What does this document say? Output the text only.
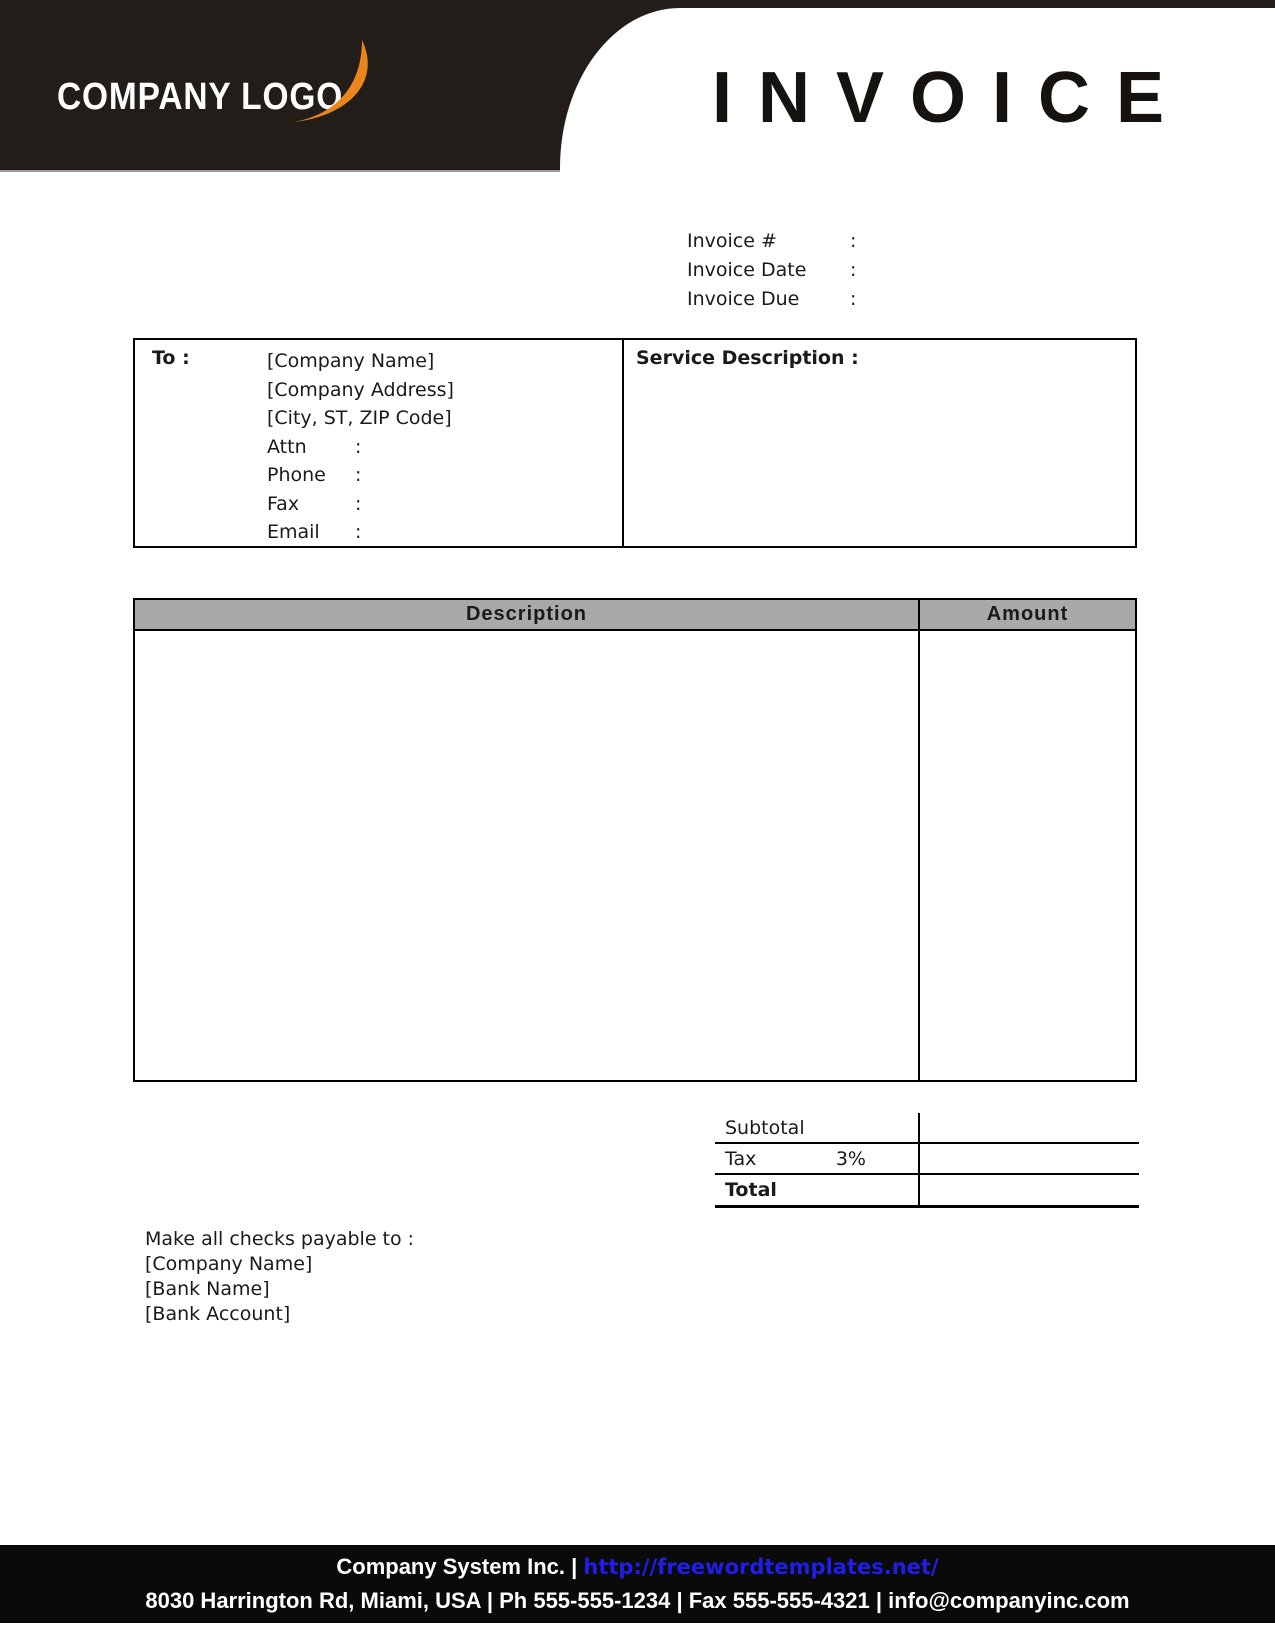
COMPANY LOGO	INVOICE
Invoice #	:
Invoice Date :
Invoice Due	:
To :	[Company Name]
[Company Address]
[City, ST, ZIP Code]
Attn	:
Phone :
Fax	:
Email :
Service Description :
Description	Amount
Subtotal
Tax	3%
Total
Make all checks payable to :
[Company Name]
[Bank Name]
[Bank Account]
Company System Inc. | http://freewordtemplates.net/
8030 Harrington Rd, Miami, USA | Ph 555-555-1234 | Fax 555-555-4321 | info@companyinc.com
